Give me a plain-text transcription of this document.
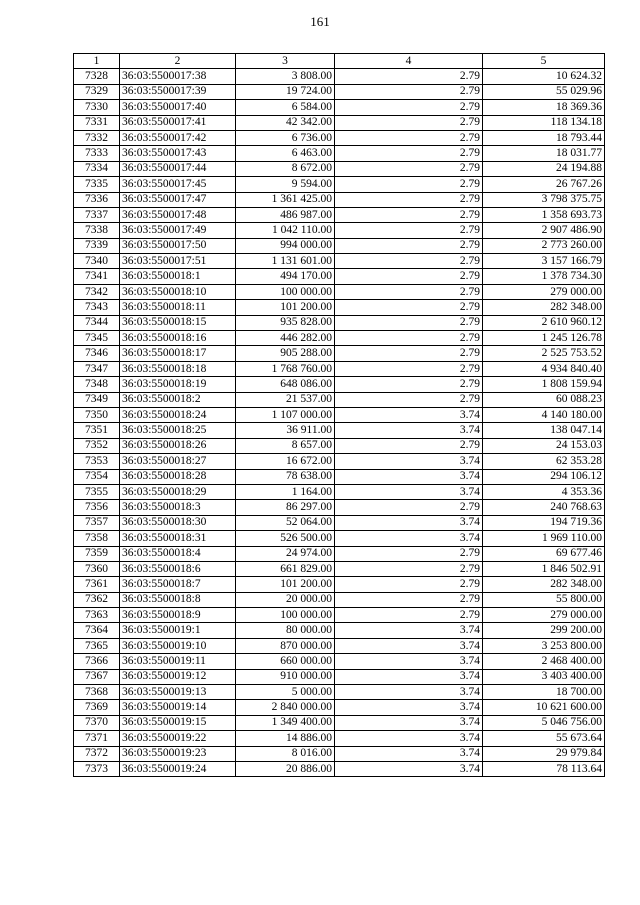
161
1	2	3	4	5
7328	36:03:5500017:38	3 808.00	2.79	10 624.32
7329	36:03:5500017:39	19 724.00	2.79	55 029.96
7330	36:03:5500017:40	6 584.00	2.79	18 369.36
7331	36:03:5500017:41	42 342.00	2.79	118 134.18
7332	36:03:5500017:42	6 736.00	2.79	18 793.44
7333	36:03:5500017:43	6 463.00	2.79	18 031.77
7334	36:03:5500017:44	8 672.00	2.79	24 194.88
7335	36:03:5500017:45	9 594.00	2.79	26 767.26
7336	36:03:5500017:47	1 361 425.00	2.79	3 798 375.75
7337	36:03:5500017:48	486 987.00	2.79	1 358 693.73
7338	36:03:5500017:49	1 042 110.00	2.79	2 907 486.90
7339	36:03:5500017:50	994 000.00	2.79	2 773 260.00
7340	36:03:5500017:51	1 131 601.00	2.79	3 157 166.79
7341	36:03:5500018:1	494 170.00	2.79	1 378 734.30
7342	36:03:5500018:10	100 000.00	2.79	279 000.00
7343	36:03:5500018:11	101 200.00	2.79	282 348.00
7344	36:03:5500018:15	935 828.00	2.79	2 610 960.12
7345	36:03:5500018:16	446 282.00	2.79	1 245 126.78
7346	36:03:5500018:17	905 288.00	2.79	2 525 753.52
7347	36:03:5500018:18	1 768 760.00	2.79	4 934 840.40
7348	36:03:5500018:19	648 086.00	2.79	1 808 159.94
7349	36:03:5500018:2	21 537.00	2.79	60 088.23
7350	36:03:5500018:24	1 107 000.00	3.74	4 140 180.00
7351	36:03:5500018:25	36 911.00	3.74	138 047.14
7352	36:03:5500018:26	8 657.00	2.79	24 153.03
7353	36:03:5500018:27	16 672.00	3.74	62 353.28
7354	36:03:5500018:28	78 638.00	3.74	294 106.12
7355	36:03:5500018:29	1 164.00	3.74	4 353.36
7356	36:03:5500018:3	86 297.00	2.79	240 768.63
7357	36:03:5500018:30	52 064.00	3.74	194 719.36
7358	36:03:5500018:31	526 500.00	3.74	1 969 110.00
7359	36:03:5500018:4	24 974.00	2.79	69 677.46
7360	36:03:5500018:6	661 829.00	2.79	1 846 502.91
7361	36:03:5500018:7	101 200.00	2.79	282 348.00
7362	36:03:5500018:8	20 000.00	2.79	55 800.00
7363	36:03:5500018:9	100 000.00	2.79	279 000.00
7364	36:03:5500019:1	80 000.00	3.74	299 200.00
7365	36:03:5500019:10	870 000.00	3.74	3 253 800.00
7366	36:03:5500019:11	660 000.00	3.74	2 468 400.00
7367	36:03:5500019:12	910 000.00	3.74	3 403 400.00
7368	36:03:5500019:13	5 000.00	3.74	18 700.00
7369	36:03:5500019:14	2 840 000.00	3.74	10 621 600.00
7370	36:03:5500019:15	1 349 400.00	3.74	5 046 756.00
7371	36:03:5500019:22	14 886.00	3.74	55 673.64
7372	36:03:5500019:23	8 016.00	3.74	29 979.84
7373	36:03:5500019:24	20 886.00	3.74	78 113.64
